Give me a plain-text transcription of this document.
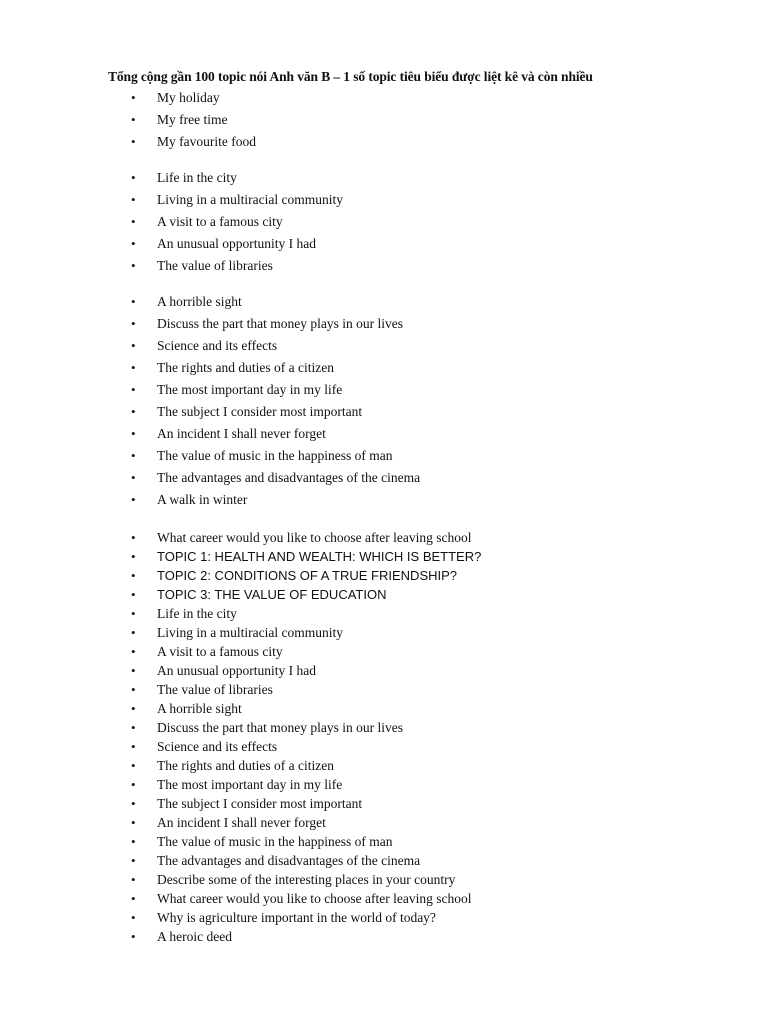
Tổng cộng gần 100 topic nói Anh văn B – 1 số topic tiêu biểu được liệt kê và còn nhiều
• My holiday
• My free time
• My favourite food
• Life in the city
• Living in a multiracial community
• A visit to a famous city
• An unusual opportunity I had
• The value of libraries
• A horrible sight
• Discuss the part that money plays in our lives
• Science and its effects
• The rights and duties of a citizen
• The most important day in my life
• The subject I consider most important
• An incident I shall never forget
• The value of music in the happiness of man
• The advantages and disadvantages of the cinema
• A walk in winter
• What career would you like to choose after leaving school
• TOPIC 1: HEALTH AND WEALTH: WHICH IS BETTER?
• TOPIC 2: CONDITIONS OF A TRUE FRIENDSHIP?
• TOPIC 3: THE VALUE OF EDUCATION
• Life in the city
• Living in a multiracial community
• A visit to a famous city
• An unusual opportunity I had
• The value of libraries
• A horrible sight
• Discuss the part that money plays in our lives
• Science and its effects
• The rights and duties of a citizen
• The most important day in my life
• The subject I consider most important
• An incident I shall never forget
• The value of music in the happiness of man
• The advantages and disadvantages of the cinema
• Describe some of the interesting places in your country
• What career would you like to choose after leaving school
• Why is agriculture important in the world of today?
• A heroic deed
